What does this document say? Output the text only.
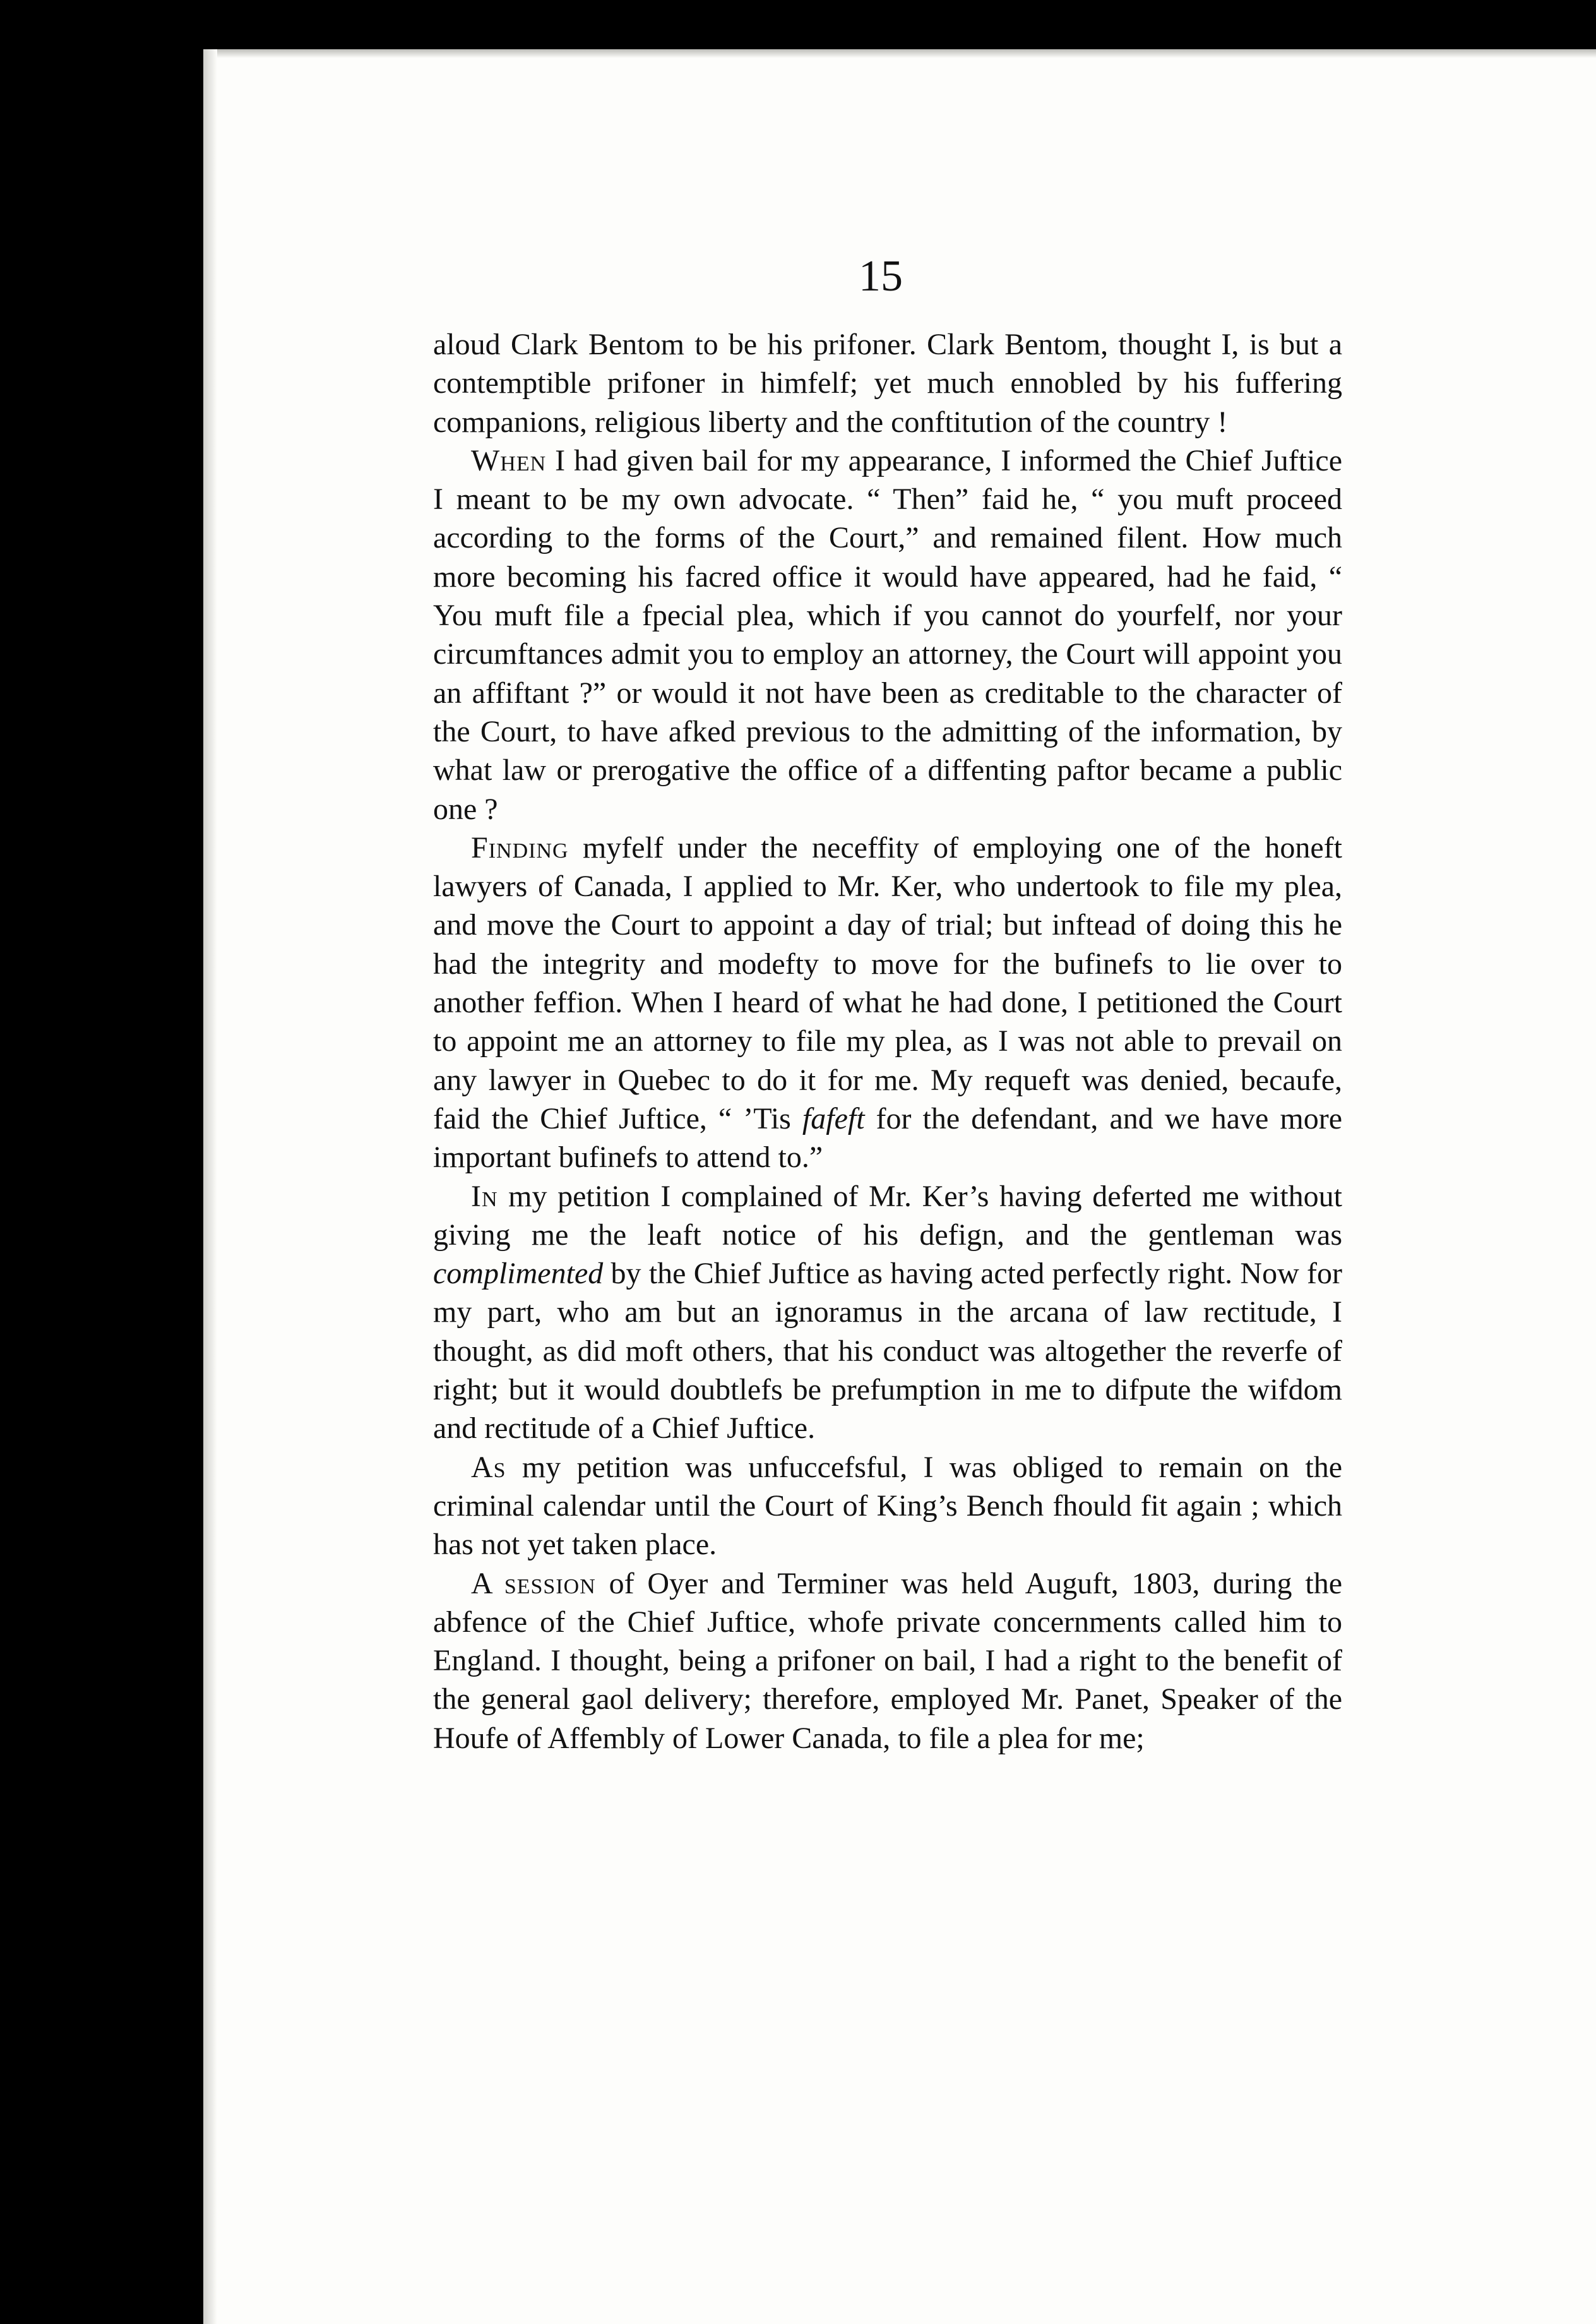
15

aloud Clark Bentom to be his prifoner. Clark Bentom, thought I, is but a contemptible prifoner in himfelf; yet much ennobled by his fuffering companions, religious liberty and the conftitution of the country !

When I had given bail for my appearance, I informed the Chief Juftice I meant to be my own advocate. “ Then” faid he, “ you muft proceed according to the forms of the Court,” and remained filent. How much more becoming his facred office it would have appeared, had he faid, “ You muft file a fpecial plea, which if you cannot do yourfelf, nor your circumftances admit you to employ an attorney, the Court will appoint you an affiftant ?” or would it not have been as creditable to the character of the Court, to have afked previous to the admitting of the information, by what law or prerogative the office of a diffenting paftor became a public one ?

Finding myfelf under the neceffity of employing one of the honeft lawyers of Canada, I applied to Mr. Ker, who undertook to file my plea, and move the Court to appoint a day of trial; but inftead of doing this he had the integrity and modefty to move for the bufinefs to lie over to another feffion. When I heard of what he had done, I petitioned the Court to appoint me an attorney to file my plea, as I was not able to prevail on any lawyer in Quebec to do it for me. My requeft was denied, becaufe, faid the Chief Juftice, “ ’Tis fafeft for the defendant, and we have more important bufinefs to attend to.”

In my petition I complained of Mr. Ker’s having deferted me without giving me the leaft notice of his defign, and the gentleman was complimented by the Chief Juftice as having acted perfectly right. Now for my part, who am but an ignoramus in the arcana of law rectitude, I thought, as did moft others, that his conduct was altogether the reverfe of right; but it would doubtlefs be prefumption in me to difpute the wifdom and rectitude of a Chief Juftice.

As my petition was unfuccefsful, I was obliged to remain on the criminal calendar until the Court of King’s Bench fhould fit again ; which has not yet taken place.

A session of Oyer and Terminer was held Auguft, 1803, during the abfence of the Chief Juftice, whofe private concernments called him to England. I thought, being a prifoner on bail, I had a right to the benefit of the general gaol delivery; therefore, employed Mr. Panet, Speaker of the Houfe of Affembly of Lower Canada, to file a plea for me;
